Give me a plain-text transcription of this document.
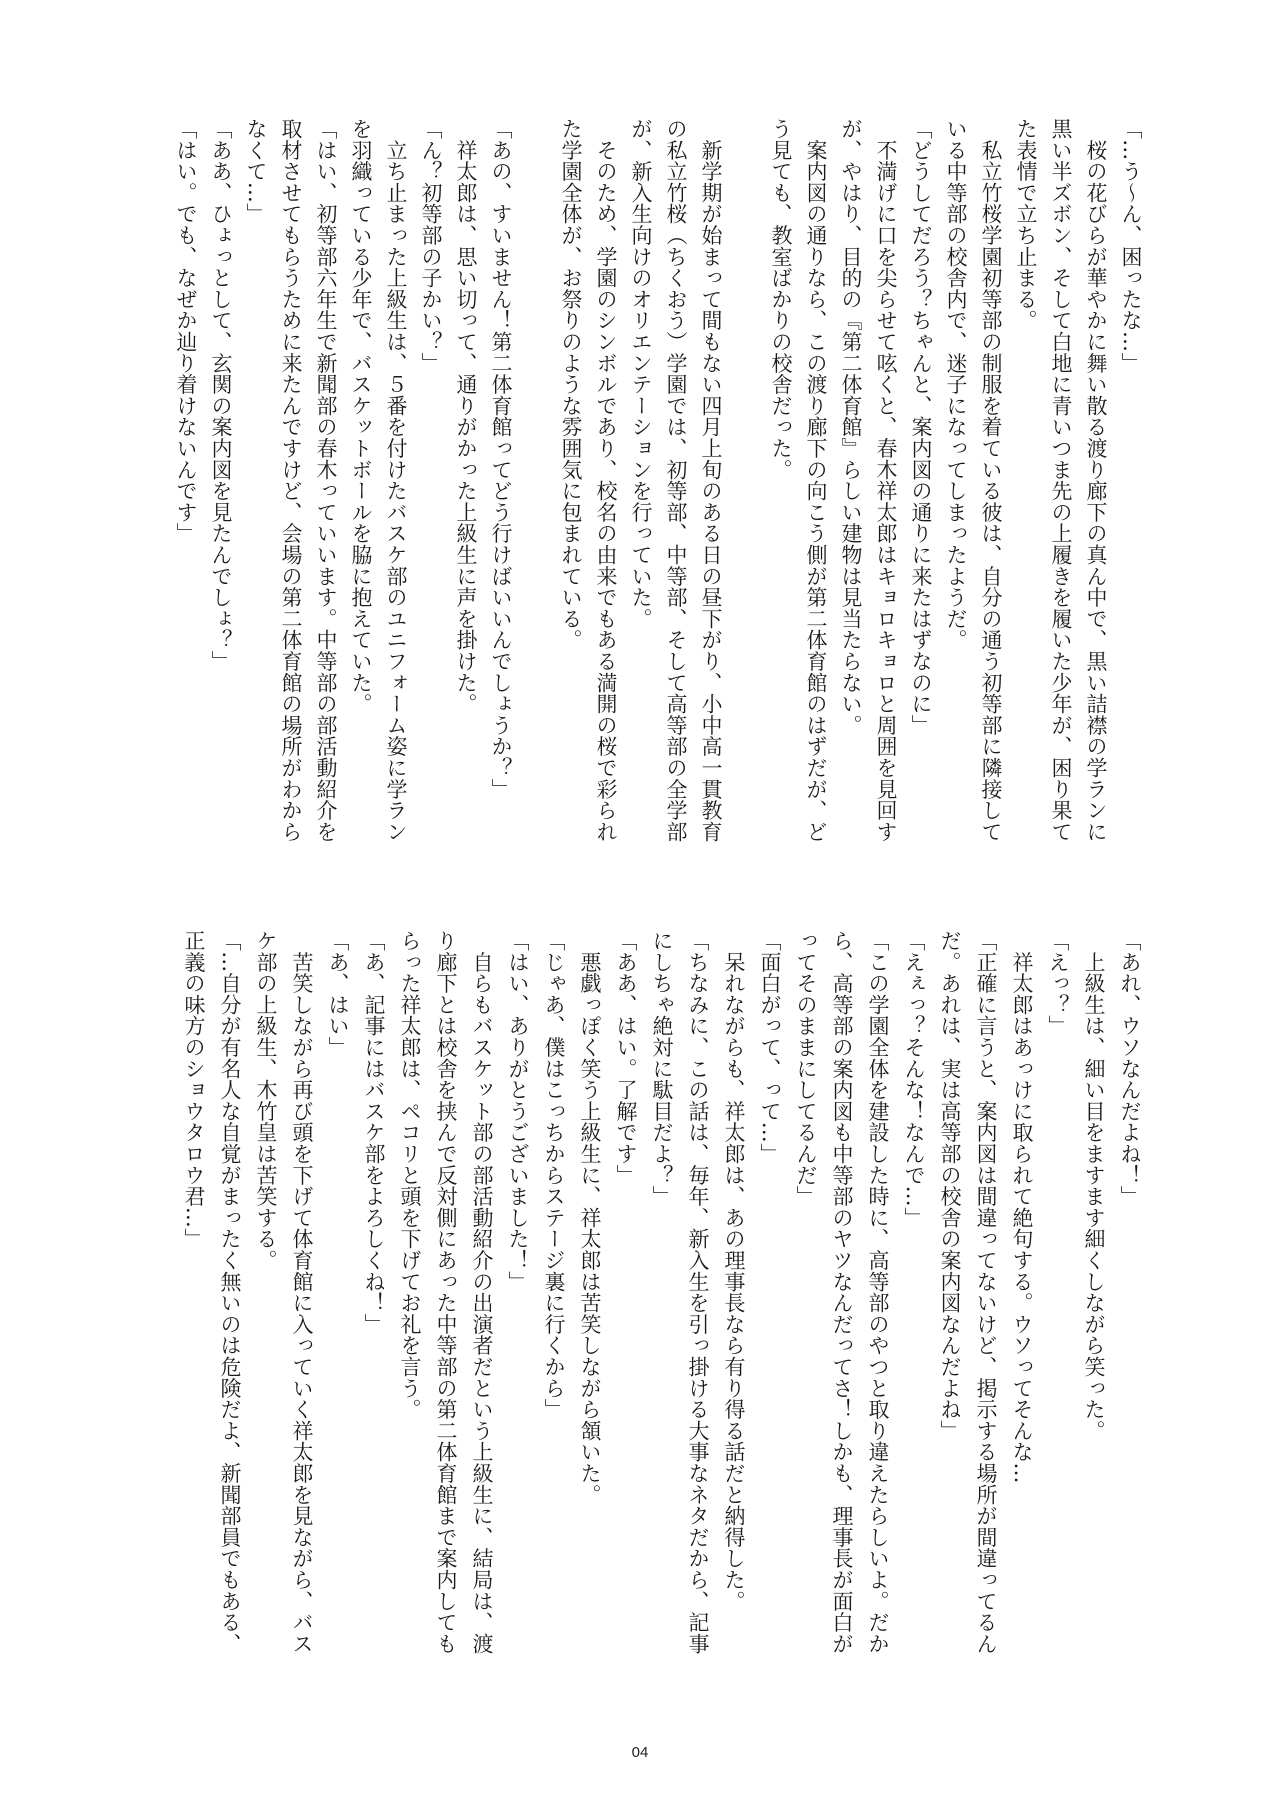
「…う〜ん、困ったな…」
　桜の花びらが華やかに舞い散る渡り廊下の真ん中で、黒い詰襟の学ランに
黒い半ズボン、そして白地に青いつま先の上履きを履いた少年が、困り果て
た表情で立ち止まる。
　私立竹桜学園初等部の制服を着ている彼は、自分の通う初等部に隣接して
いる中等部の校舎内で、迷子になってしまったようだ。
「どうしてだろう？ちゃんと、案内図の通りに来たはずなのに」
　不満げに口を尖らせて呟くと、春木祥太郎はキョロキョロと周囲を見回す
が、やはり、目的の『第二体育館』らしい建物は見当たらない。
　案内図の通りなら、この渡り廊下の向こう側が第二体育館のはずだが、ど
う見ても、教室ばかりの校舎だった。

　新学期が始まって間もない四月上旬のある日の昼下がり、小中高一貫教育
の私立竹桜（ちくおう）学園では、初等部、中等部、そして高等部の全学部
が、新入生向けのオリエンテーションを行っていた。
　そのため、学園のシンボルであり、校名の由来でもある満開の桜で彩られ
た学園全体が、お祭りのような雰囲気に包まれている。

「あの、すいません！第二体育館ってどう行けばいいんでしょうか？」
　祥太郎は、思い切って、通りがかった上級生に声を掛けた。
「ん？初等部の子かい？」
　立ち止まった上級生は、５番を付けたバスケ部のユニフォーム姿に学ラン
を羽織っている少年で、バスケットボールを脇に抱えていた。
「はい、初等部六年生で新聞部の春木っていいます。中等部の部活動紹介を
取材させてもらうために来たんですけど、会場の第二体育館の場所がわから
なくて…」
「ああ、ひょっとして、玄関の案内図を見たんでしょ？」
「はい。でも、なぜか辿り着けないんです」
「あれ、ウソなんだよね！」
　上級生は、細い目をますます細くしながら笑った。
「えっ？」
　祥太郎はあっけに取られて絶句する。ウソってそんな…
「正確に言うと、案内図は間違ってないけど、掲示する場所が間違ってるん
だ。あれは、実は高等部の校舎の案内図なんだよね」
「えぇっ？そんな！なんで…」
「この学園全体を建設した時に、高等部のやつと取り違えたらしいよ。だか
ら、高等部の案内図も中等部のヤツなんだってさ！しかも、理事長が面白が
ってそのままにしてるんだ」
「面白がって、って…」
　呆れながらも、祥太郎は、あの理事長なら有り得る話だと納得した。
「ちなみに、この話は、毎年、新入生を引っ掛ける大事なネタだから、記事
にしちゃ絶対に駄目だよ？」
「ああ、はい。了解です」
　悪戯っぽく笑う上級生に、祥太郎は苦笑しながら頷いた。
「じゃあ、僕はこっちからステージ裏に行くから」
「はい、ありがとうございました！」
　自らもバスケット部の部活動紹介の出演者だという上級生に、結局は、渡
り廊下とは校舎を挟んで反対側にあった中等部の第二体育館まで案内しても
らった祥太郎は、ペコリと頭を下げてお礼を言う。
「あ、記事にはバスケ部をよろしくね！」
「あ、はい」
　苦笑しながら再び頭を下げて体育館に入っていく祥太郎を見ながら、バス
ケ部の上級生、木竹皇は苦笑する。
「…自分が有名人な自覚がまったく無いのは危険だよ、新聞部員でもある、
正義の味方のショウタロウ君…」
04
